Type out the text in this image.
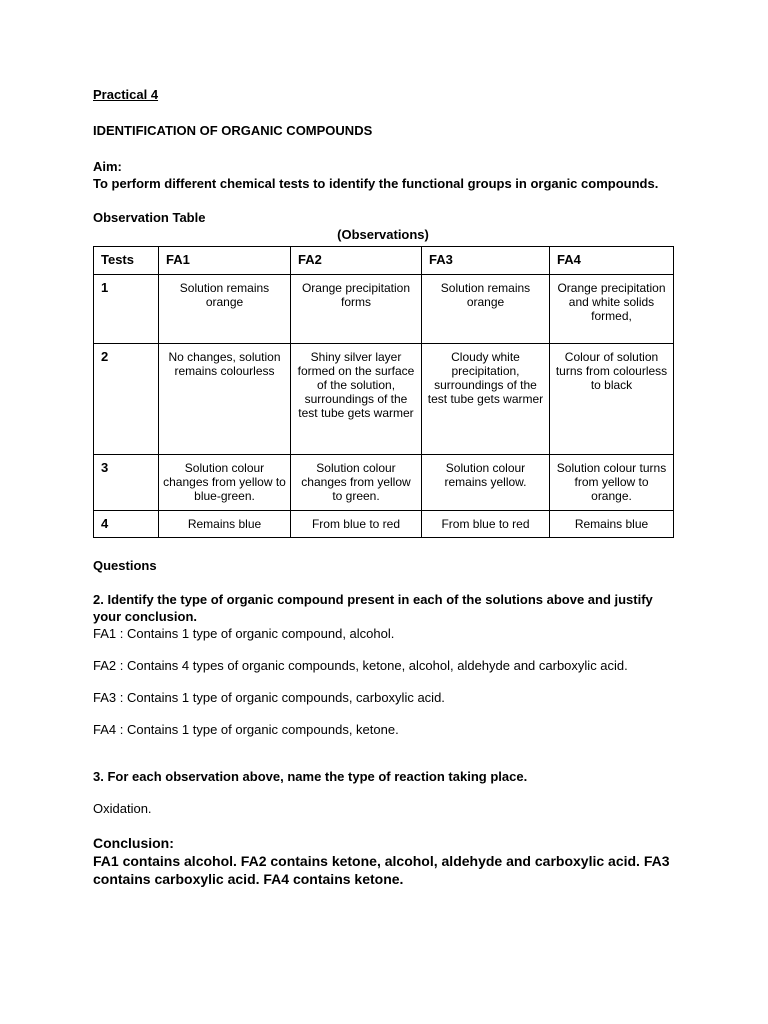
Practical 4
IDENTIFICATION OF ORGANIC COMPOUNDS
Aim:
To perform different chemical tests to identify the functional groups in organic compounds.
Observation Table
(Observations)
Tests	FA1	FA2	FA3	FA4
1	Solution remains orange	Orange precipitation forms	Solution remains orange	Orange precipitation and white solids formed,
2	No changes, solution remains colourless	Shiny silver layer formed on the surface of the solution, surroundings of the test tube gets warmer	Cloudy white precipitation, surroundings of the test tube gets warmer	Colour of solution turns from colourless to black
3	Solution colour changes from yellow to blue-green.	Solution colour changes from yellow to green.	Solution colour remains yellow.	Solution colour turns from yellow to orange.
4	Remains blue	From blue to red	From blue to red	Remains blue
Questions
2. Identify the type of organic compound present in each of the solutions above and justify your conclusion.
FA1 : Contains 1 type of organic compound, alcohol.
FA2 : Contains 4 types of organic compounds, ketone, alcohol, aldehyde and carboxylic acid.
FA3 : Contains 1 type of organic compounds, carboxylic acid.
FA4 : Contains 1 type of organic compounds, ketone.
3. For each observation above, name the type of reaction taking place.
Oxidation.
Conclusion:
FA1 contains alcohol. FA2 contains ketone, alcohol, aldehyde and carboxylic acid. FA3 contains carboxylic acid. FA4 contains ketone.
